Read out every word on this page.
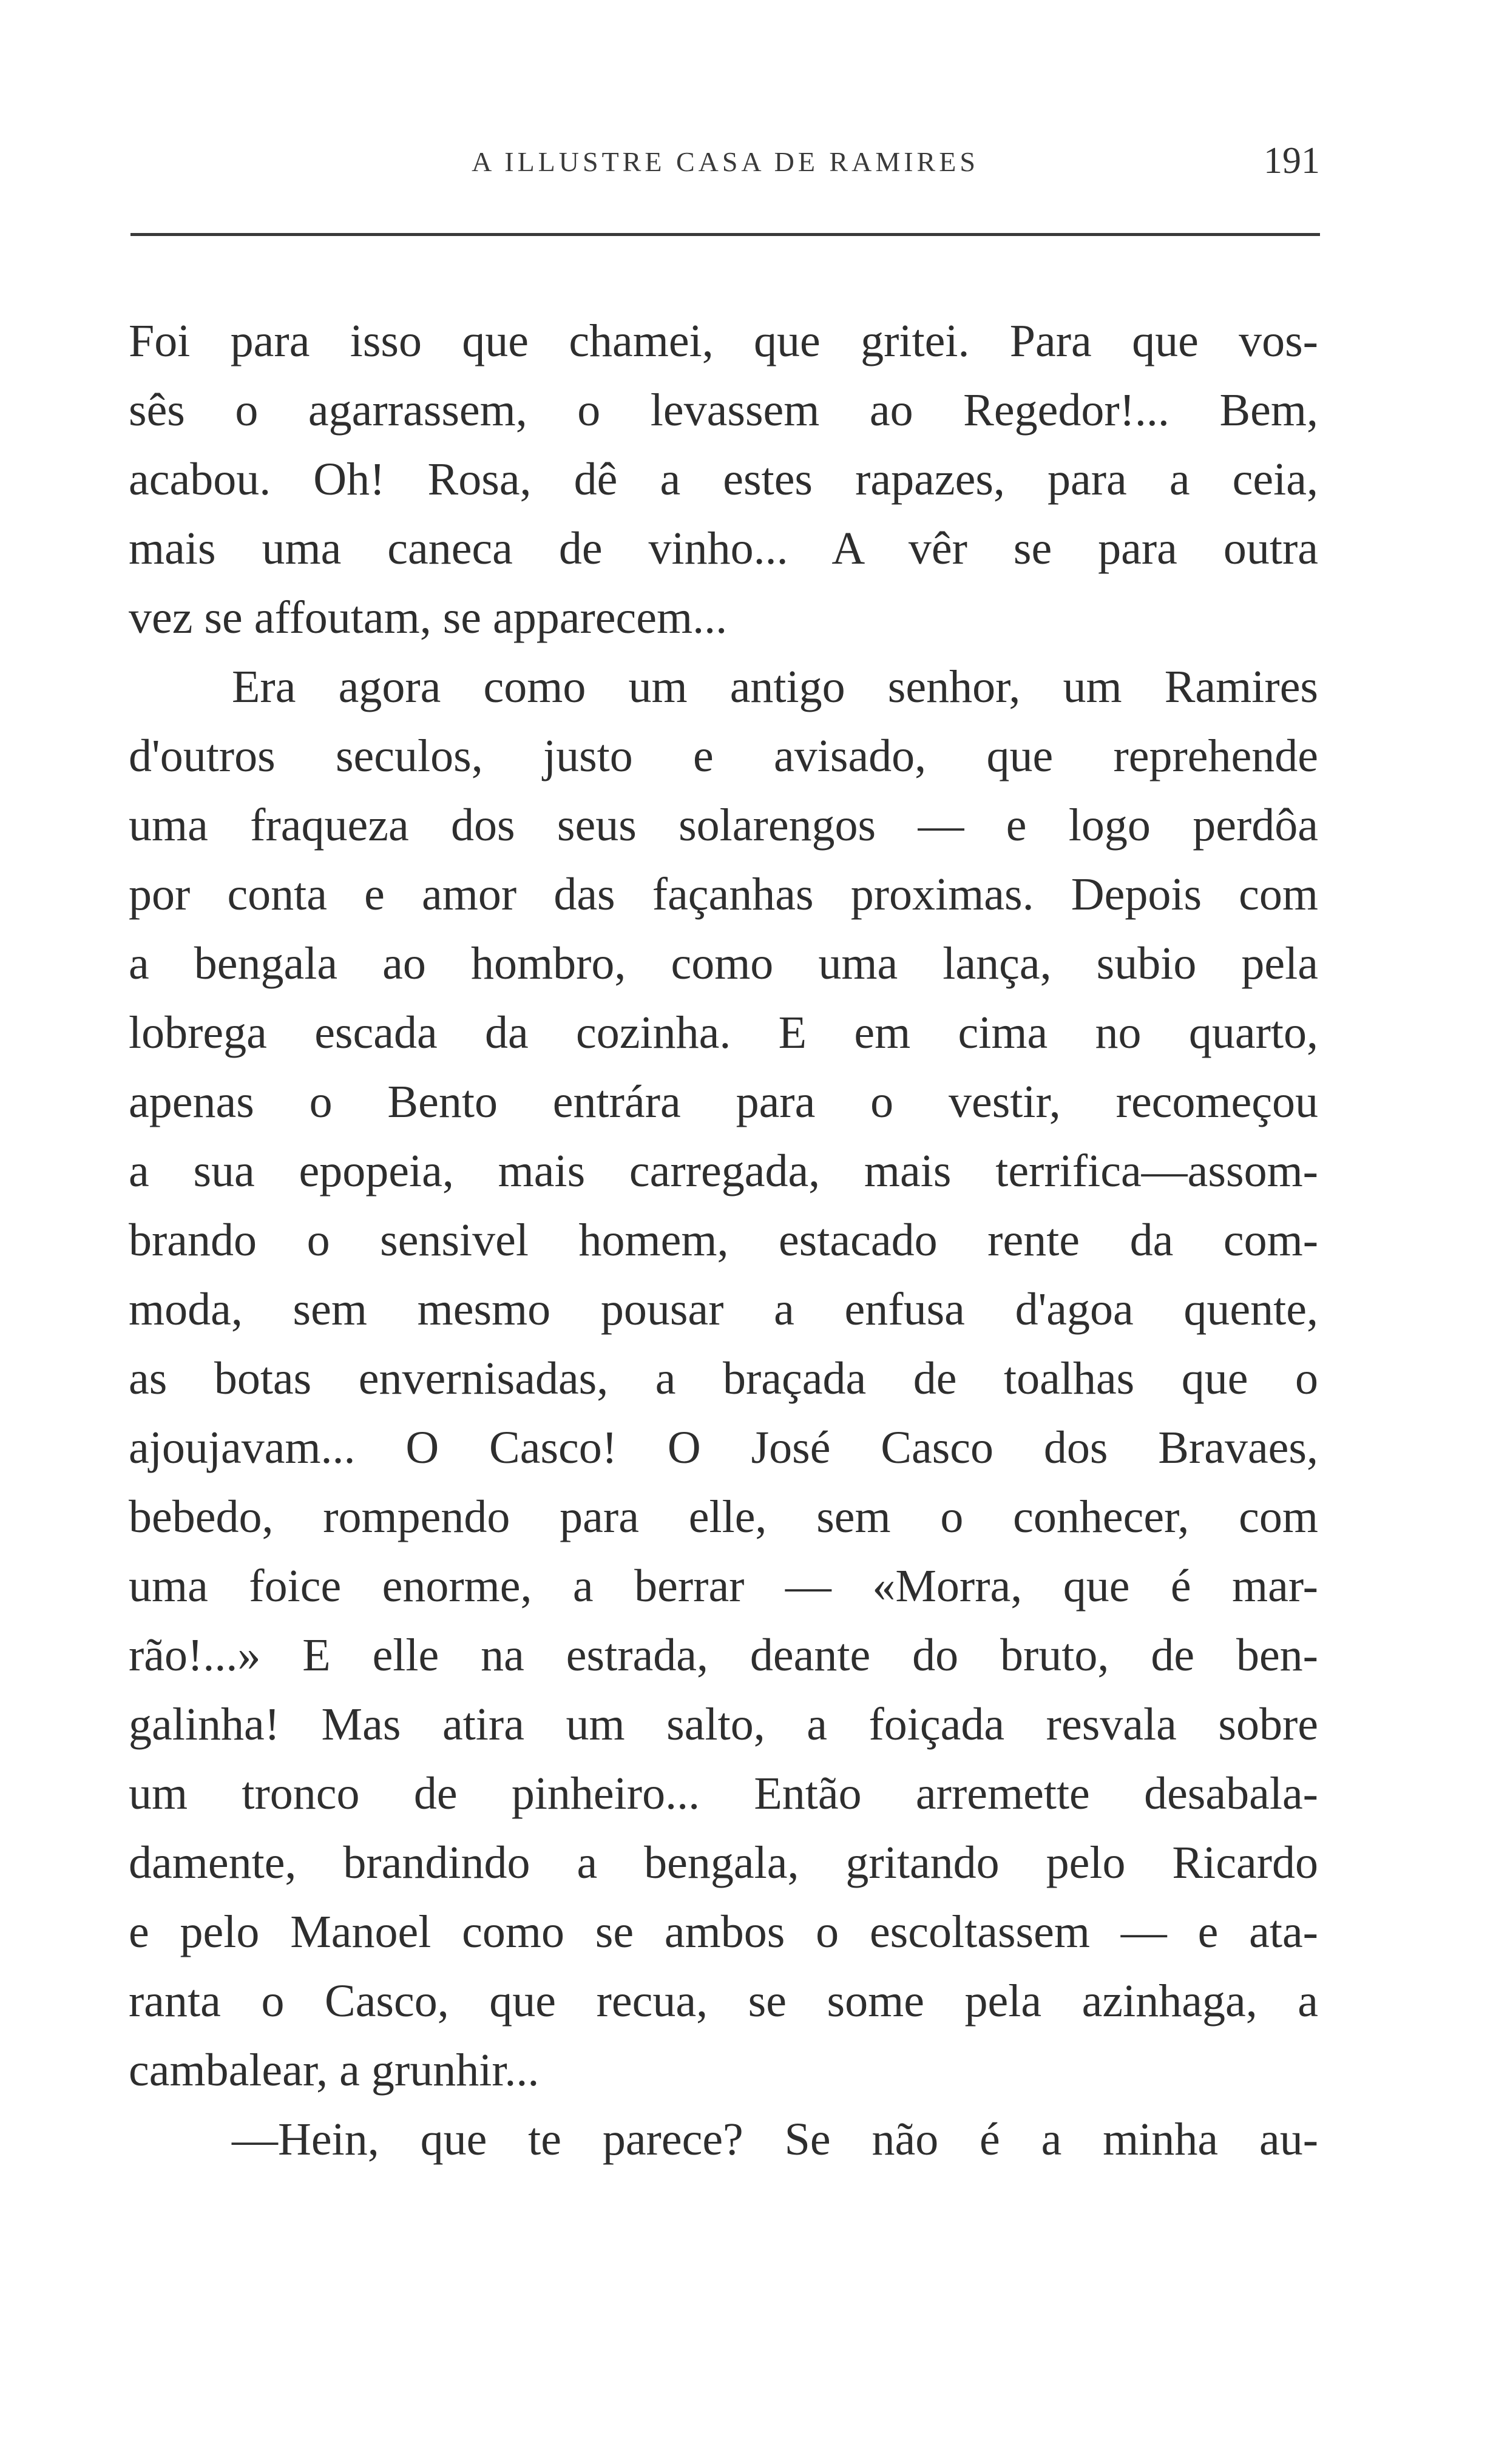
A ILLUSTRE CASA DE RAMIRES	191
Foi para isso que chamei, que gritei. Para que vos-
sês o agarrassem, o levassem ao Regedor!... Bem,
acabou. Oh! Rosa, dê a estes rapazes, para a ceia,
mais uma caneca de vinho... A vêr se para outra
vez se affoutam, se apparecem...
Era agora como um antigo senhor, um Ramires
d'outros seculos, justo e avisado, que reprehende
uma fraqueza dos seus solarengos — e logo perdôa
por conta e amor das façanhas proximas. Depois com
a bengala ao hombro, como uma lança, subio pela
lobrega escada da cozinha. E em cima no quarto,
apenas o Bento entrára para o vestir, recomeçou
a sua epopeia, mais carregada, mais terrifica—assom-
brando o sensivel homem, estacado rente da com-
moda, sem mesmo pousar a enfusa d'agoa quente,
as botas envernisadas, a braçada de toalhas que o
ajoujavam... O Casco! O José Casco dos Bravaes,
bebedo, rompendo para elle, sem o conhecer, com
uma foice enorme, a berrar — «Morra, que é mar-
rão!...» E elle na estrada, deante do bruto, de ben-
galinha! Mas atira um salto, a foiçada resvala sobre
um tronco de pinheiro... Então arremette desabala-
damente, brandindo a bengala, gritando pelo Ricardo
e pelo Manoel como se ambos o escoltassem — e ata-
ranta o Casco, que recua, se some pela azinhaga, a
cambalear, a grunhir...
—Hein, que te parece? Se não é a minha au-
